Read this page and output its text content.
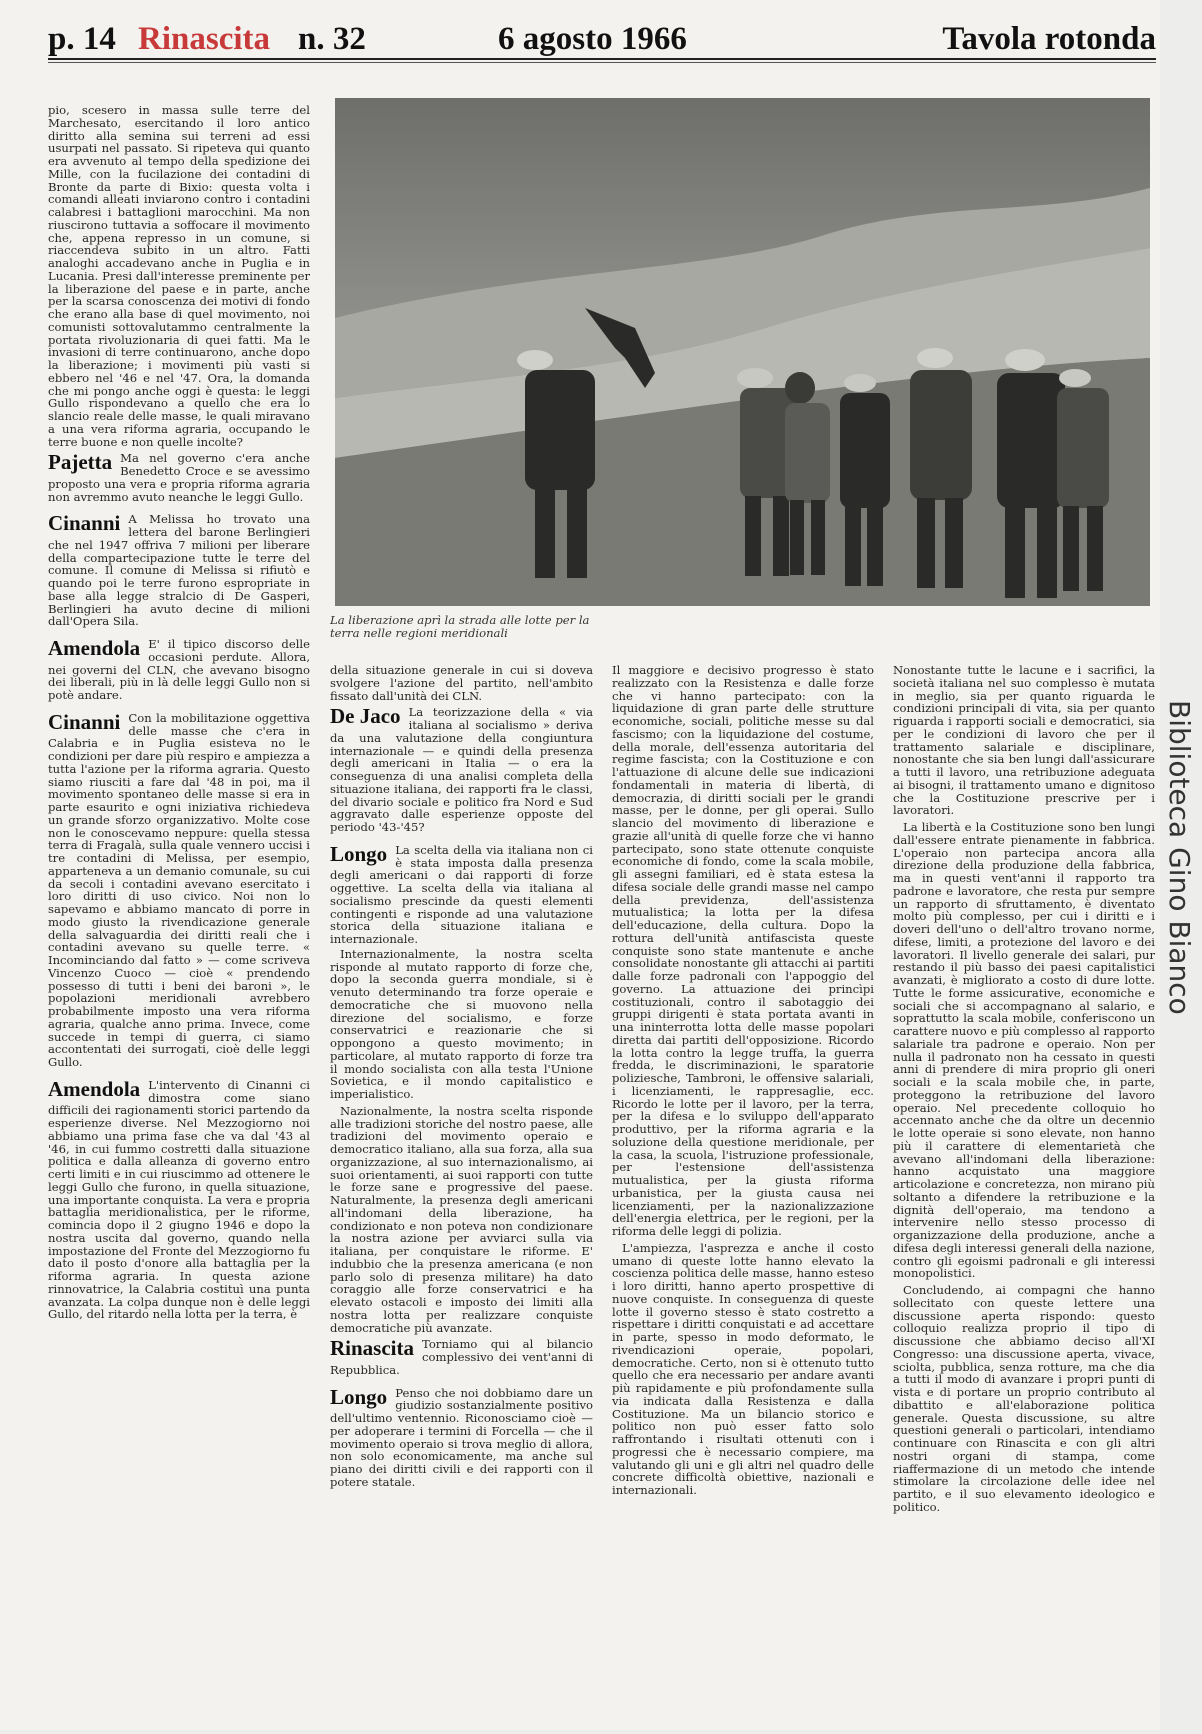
p. 14 Rinascita n. 32	6 agosto 1966	Tavola rotonda

pio, scesero in massa sulle terre del Marchesato, esercitando il loro antico diritto alla semina sui terreni ad essi usurpati nel passato. Si ripeteva qui quanto era avvenuto al tempo della spedizione dei Mille, con la fucilazione dei contadini di Bronte da parte di Bixio: questa volta i comandi alleati inviarono contro i contadini calabresi i battaglioni marocchini. Ma non riuscirono tuttavia a soffocare il movimento che, appena represso in un comune, si riaccendeva subito in un altro. Fatti analoghi accadevano anche in Puglia e in Lucania. Presi dall'interesse preminente per la liberazione del paese e in parte, anche per la scarsa conoscenza dei motivi di fondo che erano alla base di quel movimento, noi comunisti sottovalutammo centralmente la portata rivoluzionaria di quei fatti. Ma le invasioni di terre continuarono, anche dopo la liberazione; i movimenti più vasti si ebbero nel '46 e nel '47. Ora, la domanda che mi pongo anche oggi è questa: le leggi Gullo rispondevano a quello che era lo slancio reale delle masse, le quali miravano a una vera riforma agraria, occupando le terre buone e non quelle incolte?

Pajetta Ma nel governo c'era anche Benedetto Croce e se avessimo proposto una vera e propria riforma agraria non avremmo avuto neanche le leggi Gullo.

Cinanni A Melissa ho trovato una lettera del barone Berlingieri che nel 1947 offriva 7 milioni per liberare della compartecipazione tutte le terre del comune. Il comune di Melissa si rifiutò e quando poi le terre furono espropriate in base alla legge stralcio di De Gasperi, Berlingieri ha avuto decine di milioni dall'Opera Sila.

Amendola E' il tipico discorso delle occasioni perdute. Allora, nei governi del CLN, che avevano bisogno dei liberali, più in là delle leggi Gullo non si potè andare.

Cinanni Con la mobilitazione oggettiva delle masse che c'era in Calabria e in Puglia esisteva no le condizioni per dare più respiro e ampiezza a tutta l'azione per la riforma agraria. Questo siamo riusciti a fare dal '48 in poi, ma il movimento spontaneo delle masse si era in parte esaurito e ogni iniziativa richiedeva un grande sforzo organizzativo. Molte cose non le conoscevamo neppure: quella stessa terra di Fragalà, sulla quale vennero uccisi i tre contadini di Melissa, per esempio, apparteneva a un demanio comunale, su cui da secoli i contadini avevano esercitato i loro diritti di uso civico. Noi non lo sapevamo e abbiamo mancato di porre in modo giusto la rivendicazione generale della salvaguardia dei diritti reali che i contadini avevano su quelle terre. « Incominciando dal fatto » — come scriveva Vincenzo Cuoco — cioè « prendendo possesso di tutti i beni dei baroni », le popolazioni meridionali avrebbero probabilmente imposto una vera riforma agraria, qualche anno prima. Invece, come succede in tempi di guerra, ci siamo accontentati dei surrogati, cioè delle leggi Gullo.

Amendola L'intervento di Cinanni ci dimostra come siano difficili dei ragionamenti storici partendo da esperienze diverse. Nel Mezzogiorno noi abbiamo una prima fase che va dal '43 al '46, in cui fummo costretti dalla situazione politica e dalla alleanza di governo entro certi limiti e in cui riuscimmo ad ottenere le leggi Gullo che furono, in quella situazione, una importante conquista. La vera e propria battaglia meridionalistica, per le riforme, comincia dopo il 2 giugno 1946 e dopo la nostra uscita dal governo, quando nella impostazione del Fronte del Mezzogiorno fu dato il posto d'onore alla battaglia per la riforma agraria. In questa azione rinnovatrice, la Calabria costituì una punta avanzata. La colpa dunque non è delle leggi Gullo, del ritardo nella lotta per la terra, è

La liberazione aprì la strada alle lotte per la terra nelle regioni meridionali

della situazione generale in cui si doveva svolgere l'azione del partito, nell'ambito fissato dall'unità dei CLN.

De Jaco La teorizzazione della « via italiana al socialismo » deriva da una valutazione della congiuntura internazionale — e quindi della presenza degli americani in Italia — o era la conseguenza di una analisi completa della situazione italiana, dei rapporti fra le classi, del divario sociale e politico fra Nord e Sud aggravato dalle esperienze opposte del periodo '43-'45?

Longo La scelta della via italiana non ci è stata imposta dalla presenza degli americani o dai rapporti di forze oggettive. La scelta della via italiana al socialismo prescinde da questi elementi contingenti e risponde ad una valutazione storica della situazione italiana e internazionale.

Internazionalmente, la nostra scelta risponde al mutato rapporto di forze che, dopo la seconda guerra mondiale, si è venuto determinando tra forze operaie e democratiche che si muovono nella direzione del socialismo, e forze conservatrici e reazionarie che si oppongono a questo movimento; in particolare, al mutato rapporto di forze tra il mondo socialista con alla testa l'Unione Sovietica, e il mondo capitalistico e imperialistico.

Nazionalmente, la nostra scelta risponde alle tradizioni storiche del nostro paese, alle tradizioni del movimento operaio e democratico italiano, alla sua forza, alla sua organizzazione, al suo internazionalismo, ai suoi orientamenti, ai suoi rapporti con tutte le forze sane e progressive del paese. Naturalmente, la presenza degli americani all'indomani della liberazione, ha condizionato e non poteva non condizionare la nostra azione per avviarci sulla via italiana, per conquistare le riforme. E' indubbio che la presenza americana (e non parlo solo di presenza militare) ha dato coraggio alle forze conservatrici e ha elevato ostacoli e imposto dei limiti alla nostra lotta per realizzare conquiste democratiche più avanzate.

Rinascita Torniamo qui al bilancio complessivo dei vent'anni di Repubblica.

Longo Penso che noi dobbiamo dare un giudizio sostanzialmente positivo dell'ultimo ventennio. Riconosciamo cioè — per adoperare i termini di Forcella — che il movimento operaio si trova meglio di allora, non solo economicamente, ma anche sul piano dei diritti civili e dei rapporti con il potere statale.

Il maggiore e decisivo progresso è stato realizzato con la Resistenza e dalle forze che vi hanno partecipato: con la liquidazione di gran parte delle strutture economiche, sociali, politiche messe su dal fascismo; con la liquidazione del costume, della morale, dell'essenza autoritaria del regime fascista; con la Costituzione e con l'attuazione di alcune delle sue indicazioni fondamentali in materia di libertà, di democrazia, di diritti sociali per le grandi masse, per le donne, per gli operai. Sullo slancio del movimento di liberazione e grazie all'unità di quelle forze che vi hanno partecipato, sono state ottenute conquiste economiche di fondo, come la scala mobile, gli assegni familiari, ed è stata estesa la difesa sociale delle grandi masse nel campo della previdenza, dell'assistenza mutualistica; la lotta per la difesa dell'educazione, della cultura. Dopo la rottura dell'unità antifascista queste conquiste sono state mantenute e anche consolidate nonostante gli attacchi ai partiti dalle forze padronali con l'appoggio del governo. La attuazione dei princìpi costituzionali, contro il sabotaggio dei gruppi dirigenti è stata portata avanti in una ininterrotta lotta delle masse popolari diretta dai partiti dell'opposizione. Ricordo la lotta contro la legge truffa, la guerra fredda, le discriminazioni, le sparatorie poliziesche, Tambroni, le offensive salariali, i licenziamenti, le rappresaglie, ecc. Ricordo le lotte per il lavoro, per la terra, per la difesa e lo sviluppo dell'apparato produttivo, per la riforma agraria e la soluzione della questione meridionale, per la casa, la scuola, l'istruzione professionale, per l'estensione dell'assistenza mutualistica, per la giusta riforma urbanistica, per la giusta causa nei licenziamenti, per la nazionalizzazione dell'energia elettrica, per le regioni, per la riforma delle leggi di polizia.

L'ampiezza, l'asprezza e anche il costo umano di queste lotte hanno elevato la coscienza politica delle masse, hanno esteso i loro diritti, hanno aperto prospettive di nuove conquiste. In conseguenza di queste lotte il governo stesso è stato costretto a rispettare i diritti conquistati e ad accettare in parte, spesso in modo deformato, le rivendicazioni operaie, popolari, democratiche. Certo, non si è ottenuto tutto quello che era necessario per andare avanti più rapidamente e più profondamente sulla via indicata dalla Resistenza e dalla Costituzione. Ma un bilancio storico e politico non può esser fatto solo raffrontando i risultati ottenuti con i progressi che è necessario compiere, ma valutando gli uni e gli altri nel quadro delle concrete difficoltà obiettive, nazionali e internazionali.

Nonostante tutte le lacune e i sacrifici, la società italiana nel suo complesso è mutata in meglio, sia per quanto riguarda le condizioni principali di vita, sia per quanto riguarda i rapporti sociali e democratici, sia per le condizioni di lavoro che per il trattamento salariale e disciplinare, nonostante che sia ben lungi dall'assicurare a tutti il lavoro, una retribuzione adeguata ai bisogni, il trattamento umano e dignitoso che la Costituzione prescrive per i lavoratori.

La libertà e la Costituzione sono ben lungi dall'essere entrate pienamente in fabbrica. L'operaio non partecipa ancora alla direzione della produzione della fabbrica, ma in questi vent'anni il rapporto tra padrone e lavoratore, che resta pur sempre un rapporto di sfruttamento, è diventato molto più complesso, per cui i diritti e i doveri dell'uno o dell'altro trovano norme, difese, limiti, a protezione del lavoro e dei lavoratori. Il livello generale dei salari, pur restando il più basso dei paesi capitalistici avanzati, è migliorato a costo di dure lotte. Tutte le forme assicurative, economiche e sociali che si accompagnano al salario, e soprattutto la scala mobile, conferiscono un carattere nuovo e più complesso al rapporto salariale tra padrone e operaio. Non per nulla il padronato non ha cessato in questi anni di prendere di mira proprio gli oneri sociali e la scala mobile che, in parte, proteggono la retribuzione del lavoro operaio. Nel precedente colloquio ho accennato anche che da oltre un decennio le lotte operaie si sono elevate, non hanno più il carattere di elementarietà che avevano all'indomani della liberazione: hanno acquistato una maggiore articolazione e concretezza, non mirano più soltanto a difendere la retribuzione e la dignità dell'operaio, ma tendono a intervenire nello stesso processo di organizzazione della produzione, anche a difesa degli interessi generali della nazione, contro gli egoismi padronali e gli interessi monopolistici.

Concludendo, ai compagni che hanno sollecitato con queste lettere una discussione aperta rispondo: questo colloquio realizza proprio il tipo di discussione che abbiamo deciso all'XI Congresso: una discussione aperta, vivace, sciolta, pubblica, senza rotture, ma che dia a tutti il modo di avanzare i propri punti di vista e di portare un proprio contributo al dibattito e all'elaborazione politica generale. Questa discussione, su altre questioni generali o particolari, intendiamo continuare con Rinascita e con gli altri nostri organi di stampa, come riaffermazione di un metodo che intende stimolare la circolazione delle idee nel partito, e il suo elevamento ideologico e politico.

Biblioteca Gino Bianco
